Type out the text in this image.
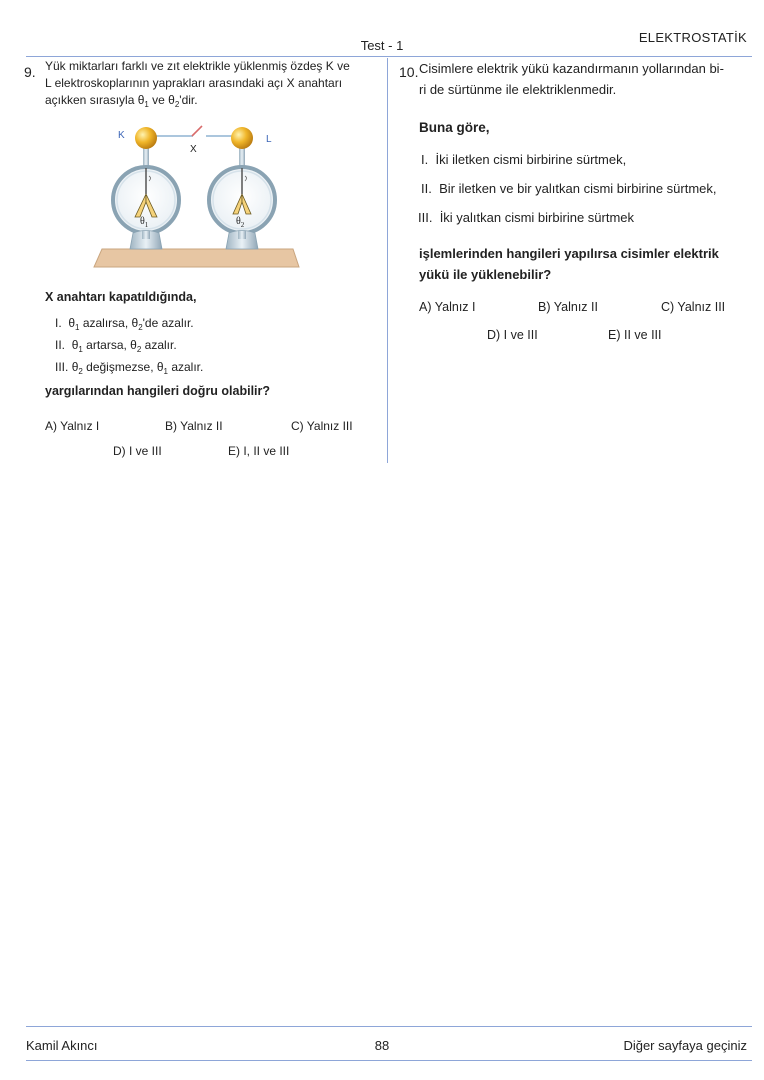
Test - 1
ELEKTROSTATİK
9. Yük miktarları farklı ve zıt elektrikle yüklenmiş özdeş K ve
L elektroskoplarının yaprakları arasındaki açı X anahtarı
açıkken sırasıyla $\theta_1$ ve $\theta_2'dir$.
K
X
L
$\theta_1$	$\theta_2$
X anahtarı kapatıldığında,
I. $\theta_1$ azalırsa, $\theta_2'de$ azalır.
II. $\theta_1$ artarsa, $\theta_2$ azalır.
III. $\theta_2$ değişmezse, $\theta_1$ azalır.
yargılarından hangileri doğru olabilir?
A) Yalnız I	B) Yalnız II	C) Yalnız III
D) I ve III	E) I, II ve III
10. Cisimlere elektrik yükü kazandırmanın yollarından bi-
ri de sürtünme ile elektriklenmedir.
Buna göre,
I. İki iletken cismi birbirine sürtmek,
II. Bir iletken ve bir yalıtkan cismi birbirine sürtmek,
III. İki yalıtkan cismi birbirine sürtmek
işlemlerinden hangileri yapılırsa cisimler elektrik
yükü ile yüklenebilir?
A) Yalnız I	B) Yalnız II	C) Yalnız III
D) I ve III	E) II ve III
Kamil Akıncı	88	Diğer sayfaya geçiniz
